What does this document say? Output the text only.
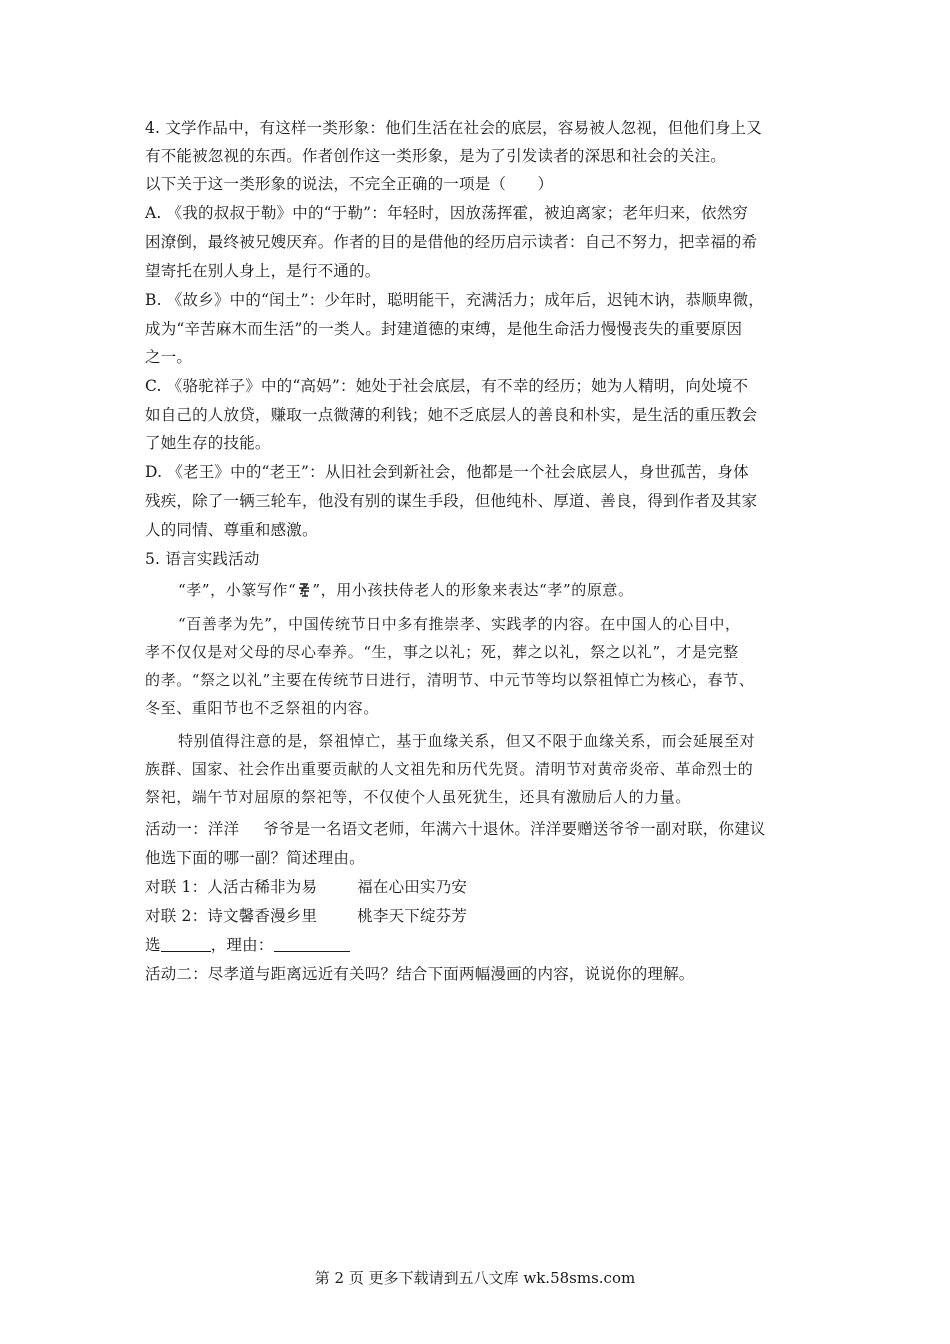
4. 文学作品中，有这样一类形象：他们生活在社会的底层，容易被人忽视，但他们身上又
有不能被忽视的东西。作者创作这一类形象，是为了引发读者的深思和社会的关注。
以下关于这一类形象的说法，不完全正确的一项是（　　）
A. 《我的叔叔于勒》中的“于勒”：年轻时，因放荡挥霍，被迫离家；老年归来，依然穷
困潦倒，最终被兄嫂厌弃。作者的目的是借他的经历启示读者：自己不努力，把幸福的希
望寄托在别人身上，是行不通的。
B. 《故乡》中的“闰土”：少年时，聪明能干，充满活力；成年后，迟钝木讷，恭顺卑微，
成为“辛苦麻木而生活”的一类人。封建道德的束缚，是他生命活力慢慢丧失的重要原因
之一。
C. 《骆驼祥子》中的“高妈”：她处于社会底层，有不幸的经历；她为人精明，向处境不
如自己的人放贷，赚取一点微薄的利钱；她不乏底层人的善良和朴实，是生活的重压教会
了她生存的技能。
D. 《老王》中的“老王”：从旧社会到新社会，他都是一个社会底层人，身世孤苦，身体
残疾，除了一辆三轮车，他没有别的谋生手段，但他纯朴、厚道、善良，得到作者及其家
人的同情、尊重和感激。
5. 语言实践活动
“孝”，小篆写作“ ”，用小孩扶侍老人的形象来表达“孝”的原意。
“百善孝为先”，中国传统节日中多有推崇孝、实践孝的内容。在中国人的心目中，
孝不仅仅是对父母的尽心奉养。“生，事之以礼；死，葬之以礼，祭之以礼”，才是完整
的孝。“祭之以礼”主要在传统节日进行，清明节、中元节等均以祭祖悼亡为核心，春节、
冬至、重阳节也不乏祭祖的内容。
特别值得注意的是，祭祖悼亡，基于血缘关系，但又不限于血缘关系，而会延展至对
族群、国家、社会作出重要贡献的人文祖先和历代先贤。清明节对黄帝炎帝、革命烈士的
祭祀，端午节对屈原的祭祀等，不仅使个人虽死犹生，还具有激励后人的力量。
活动一：洋洋 爷爷是一名语文老师，年满六十退休。洋洋要赠送爷爷一副对联，你建议
他选下面的哪一副？简述理由。
对联 1：人活古稀非为易	福在心田实乃安
对联 2：诗文馨香漫乡里	桃李天下绽芬芳
选	，理由：
活动二：尽孝道与距离远近有关吗？结合下面两幅漫画的内容，说说你的理解。
第 2 页 更多下载请到五八文库 wk.58sms.com
